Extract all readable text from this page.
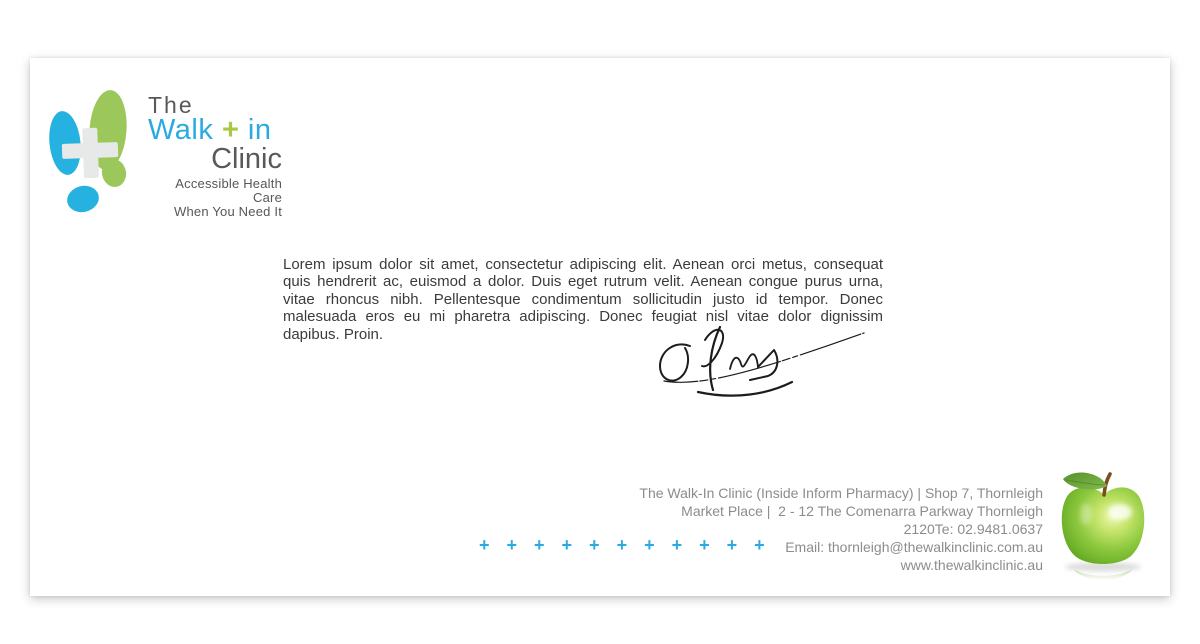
The
Walk + in
Clinic
Accessible Health Care
When You Need It
Lorem ipsum dolor sit amet, consectetur adipiscing elit. Aenean orci metus, consequat quis hendrerit ac, euismod a dolor. Duis eget rutrum velit. Aenean congue purus urna, vitae rhoncus nibh. Pellentesque condimentum sollicitudin justo id tempor. Donec malesuada eros eu mi pharetra adipiscing. Donec feugiat nisl vitae dolor dignissim dapibus. Proin.
The Walk-In Clinic (Inside Inform Pharmacy) | Shop 7, Thornleigh
Market Place |  2 - 12 The Comenarra Parkway Thornleigh
2120Te: 02.9481.0637
Email: thornleigh@thewalkinclinic.com.au
www.thewalkinclinic.au
+ + + + + + + + + + +
